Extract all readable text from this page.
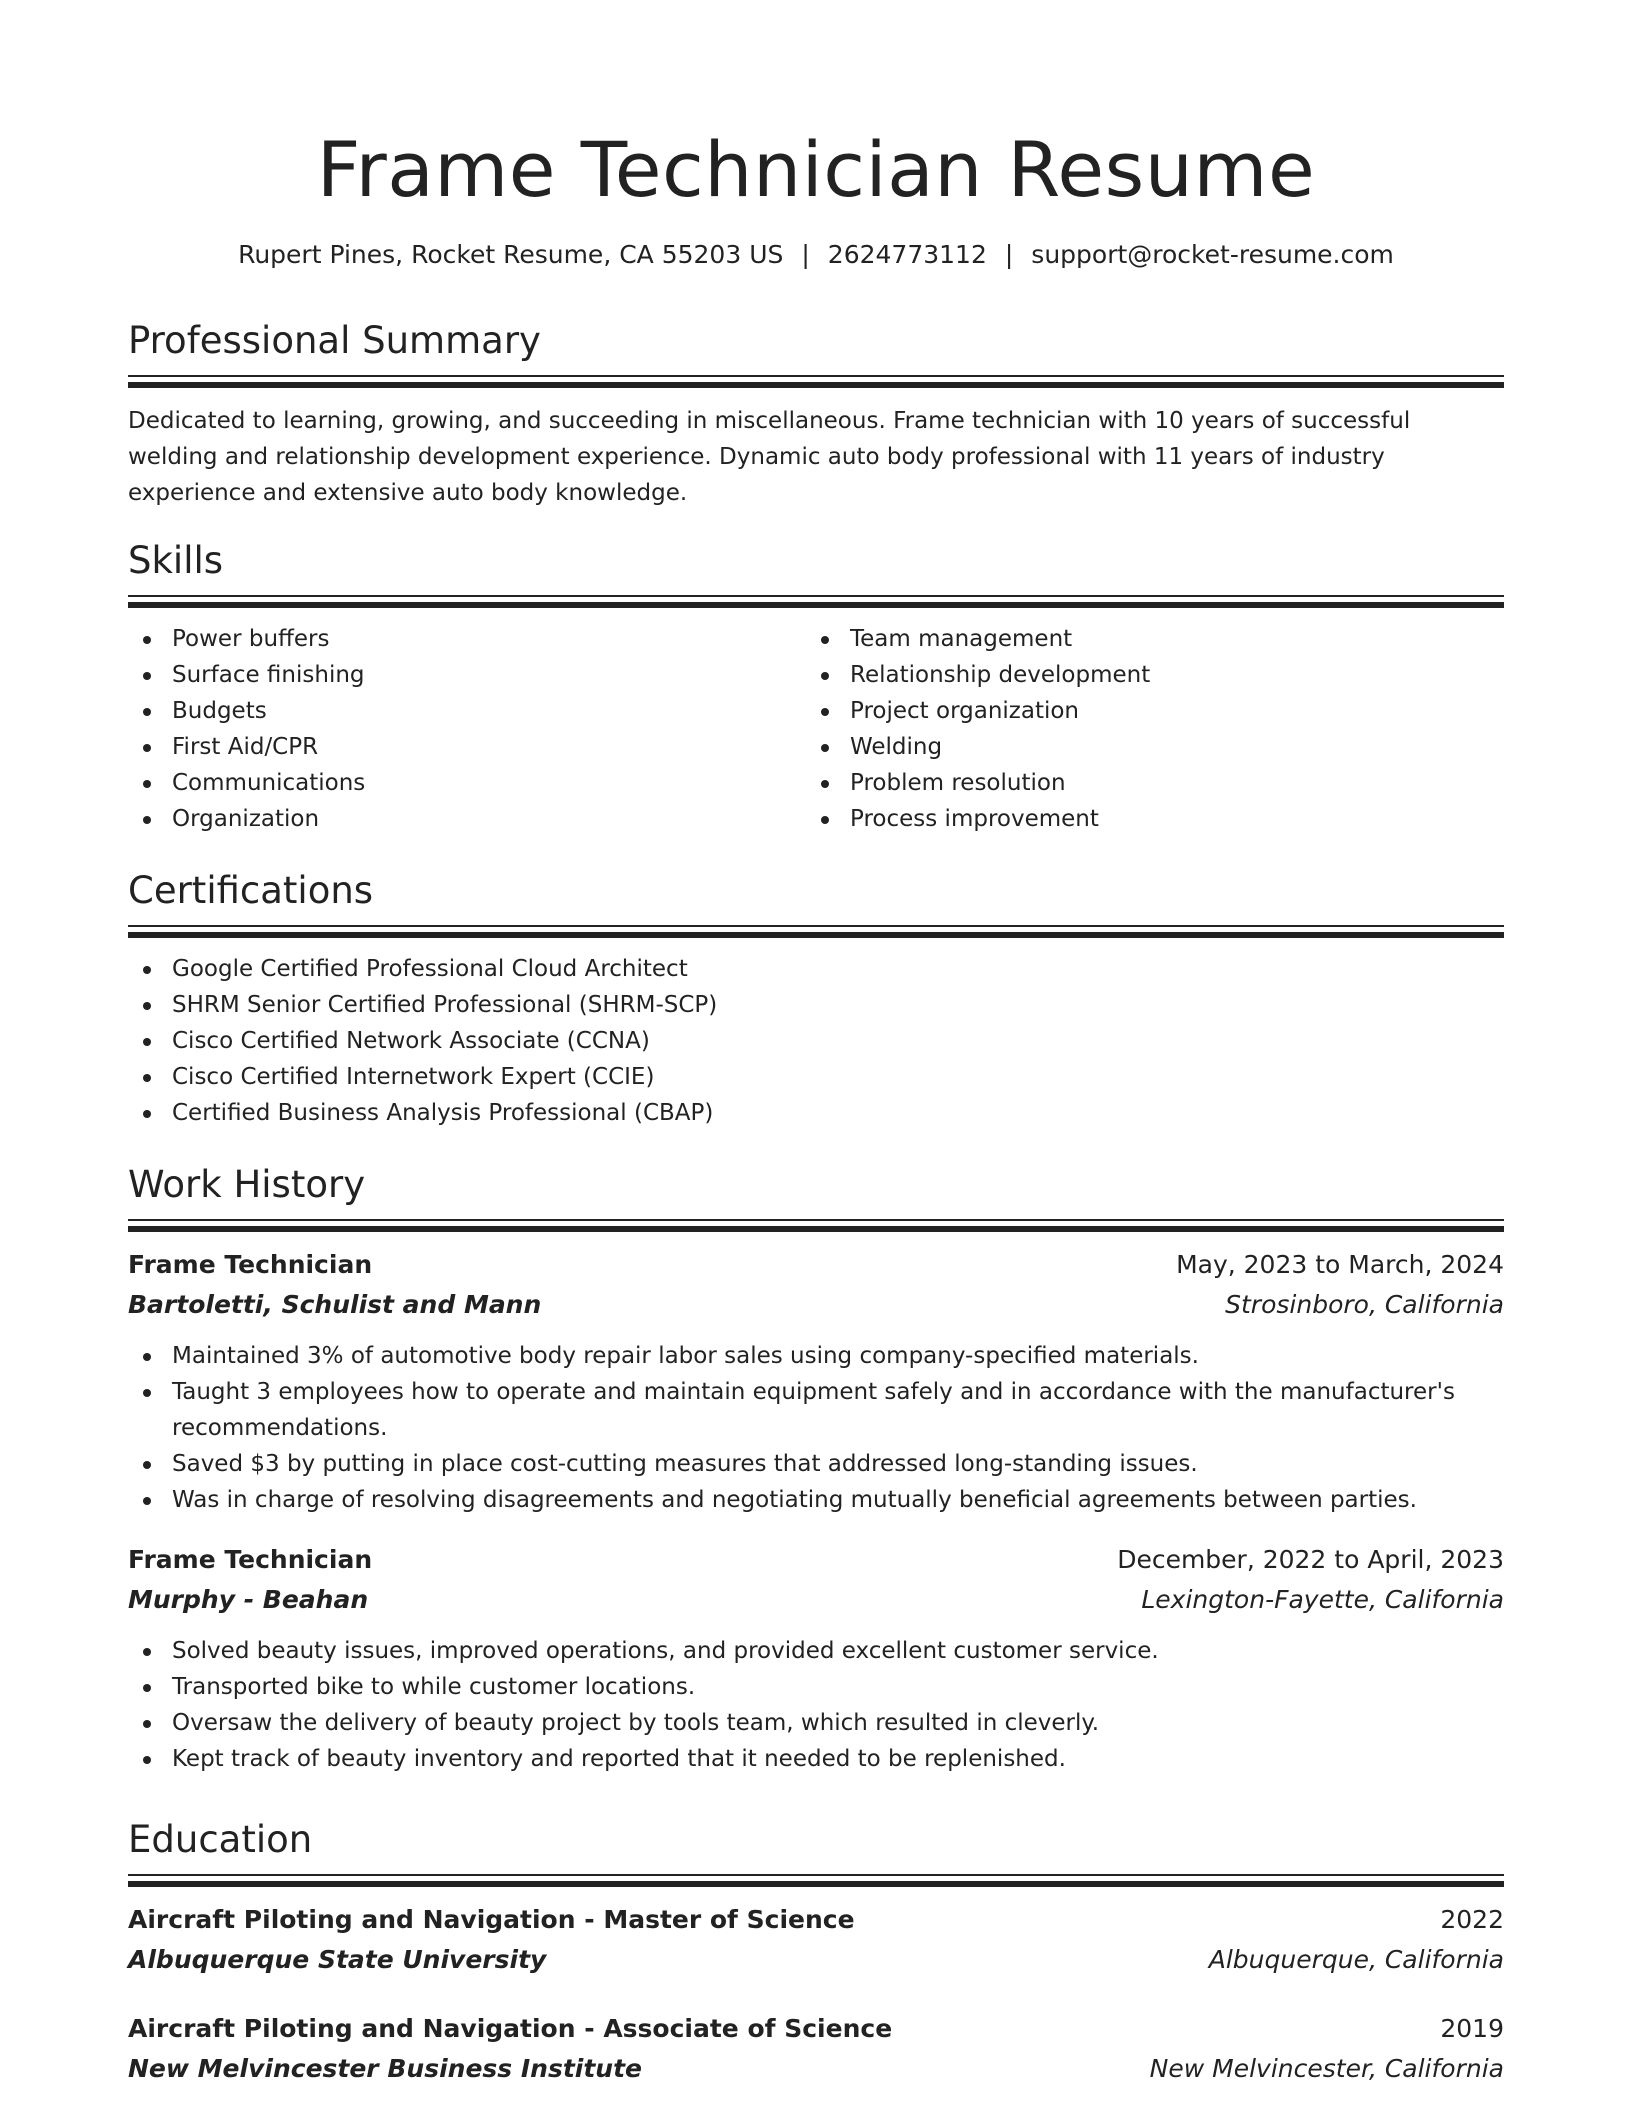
Frame Technician Resume
Rupert Pines, Rocket Resume, CA 55203 US | 2624773112 | support@rocket-resume.com
Professional Summary

Dedicated to learning, growing, and succeeding in miscellaneous. Frame technician with 10 years of successful welding and relationship development experience. Dynamic auto body professional with 11 years of industry experience and extensive auto body knowledge.

Skills
Power buffers
Surface finishing
Budgets
First Aid/CPR
Communications
Organization
Team management
Relationship development
Project organization
Welding
Problem resolution
Process improvement
Certifications
Google Certified Professional Cloud Architect
SHRM Senior Certified Professional (SHRM-SCP)
Cisco Certified Network Associate (CCNA)
Cisco Certified Internetwork Expert (CCIE)
Certified Business Analysis Professional (CBAP)
Work History
Frame Technician	May, 2023 to March, 2024
Bartoletti, Schulist and Mann	Strosinboro, California
Maintained 3% of automotive body repair labor sales using company-specified materials.
Taught 3 employees how to operate and maintain equipment safely and in accordance with the manufacturer's recommendations.
Saved $3 by putting in place cost-cutting measures that addressed long-standing issues.
Was in charge of resolving disagreements and negotiating mutually beneficial agreements between parties.
Frame Technician	December, 2022 to April, 2023
Murphy - Beahan	Lexington-Fayette, California
Solved beauty issues, improved operations, and provided excellent customer service.
Transported bike to while customer locations.
Oversaw the delivery of beauty project by tools team, which resulted in cleverly.
Kept track of beauty inventory and reported that it needed to be replenished.
Education
Aircraft Piloting and Navigation - Master of Science	2022
Albuquerque State University	Albuquerque, California
Aircraft Piloting and Navigation - Associate of Science	2019
New Melvincester Business Institute	New Melvincester, California
